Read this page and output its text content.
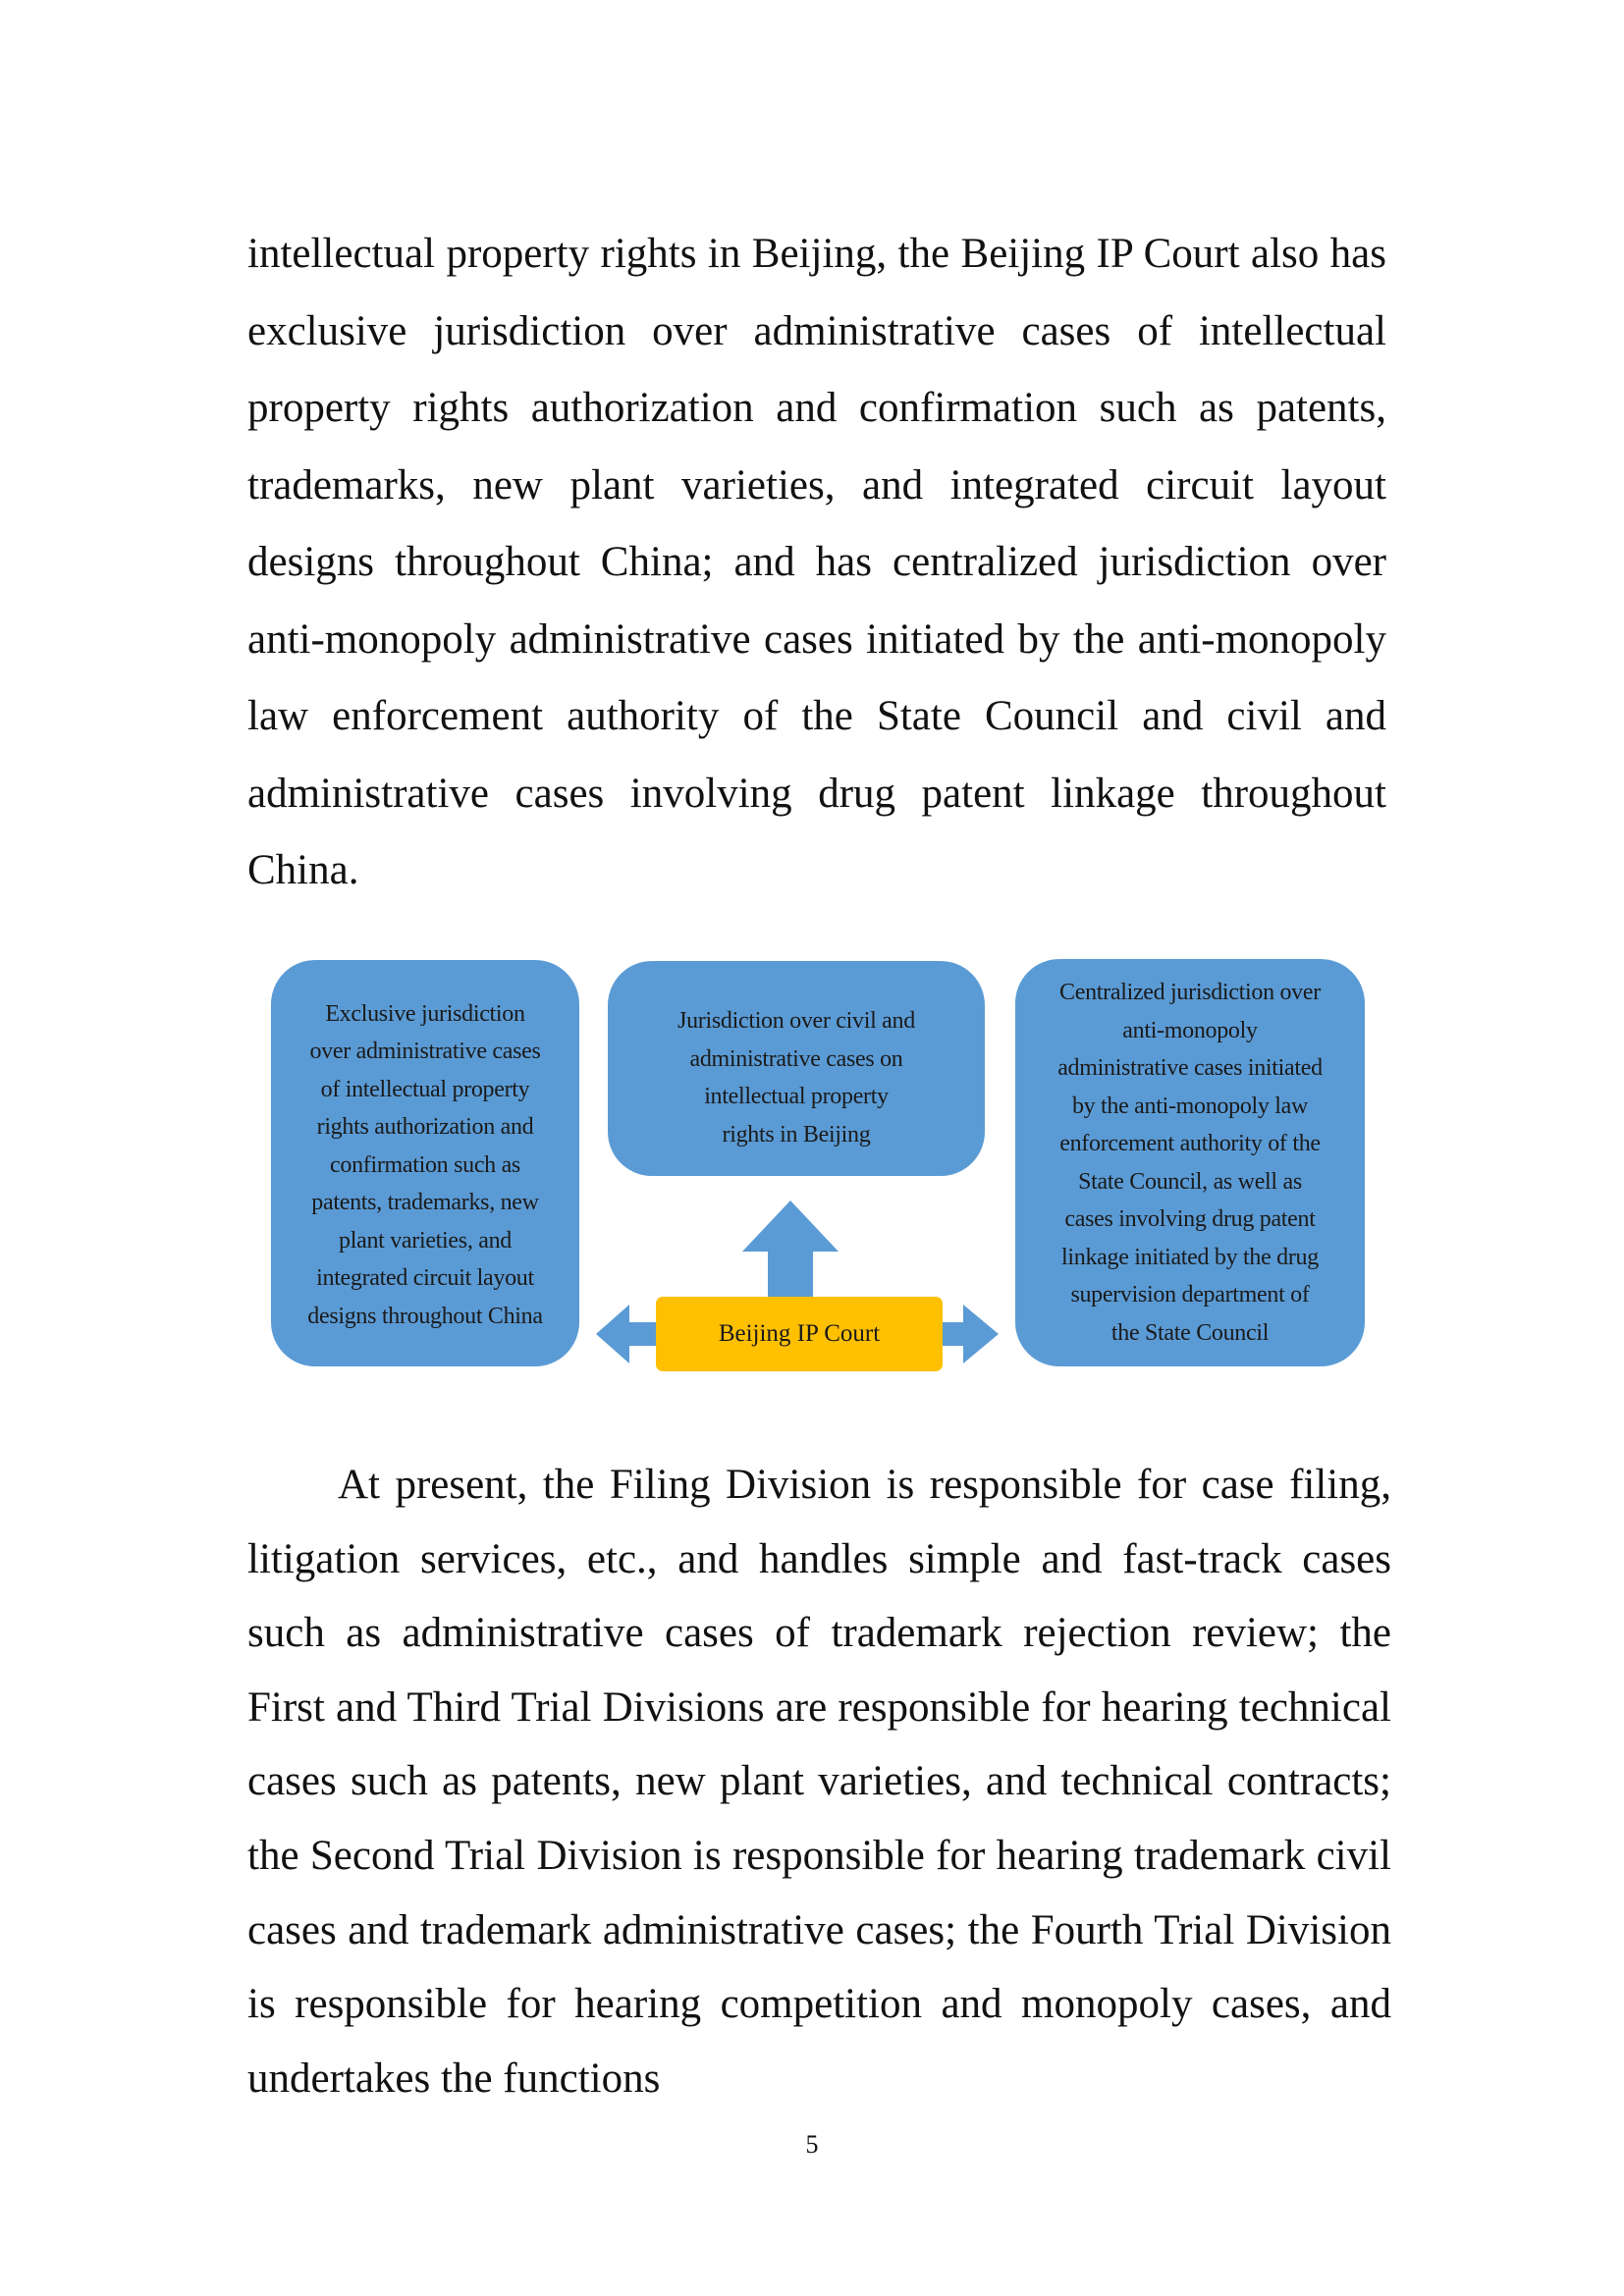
intellectual property rights in Beijing, the Beijing IP Court also has exclusive jurisdiction over administrative cases of intellectual property rights authorization and confirmation such as patents, trademarks, new plant varieties, and integrated circuit layout designs throughout China; and has centralized jurisdiction over anti-monopoly administrative cases initiated by the anti-monopoly law enforcement authority of the State Council and civil and administrative cases involving drug patent linkage throughout China.

Exclusive jurisdiction
over administrative cases
of intellectual property
rights authorization and
confirmation such as
patents, trademarks, new
plant varieties, and
integrated circuit layout
designs throughout China
Jurisdiction over civil and
administrative cases on
intellectual property
rights in Beijing
Centralized jurisdiction over
anti-monopoly
administrative cases initiated
by the anti-monopoly law
enforcement authority of the
State Council, as well as
cases involving drug patent
linkage initiated by the drug
supervision department of
the State Council
Beijing IP Court

At present, the Filing Division is responsible for case filing, litigation services, etc., and handles simple and fast-track cases such as administrative cases of trademark rejection review; the First and Third Trial Divisions are responsible for hearing technical cases such as patents, new plant varieties, and technical contracts; the Second Trial Division is responsible for hearing trademark civil cases and trademark administrative cases; the Fourth Trial Division is responsible for hearing competition and monopoly cases, and undertakes the functions

5
